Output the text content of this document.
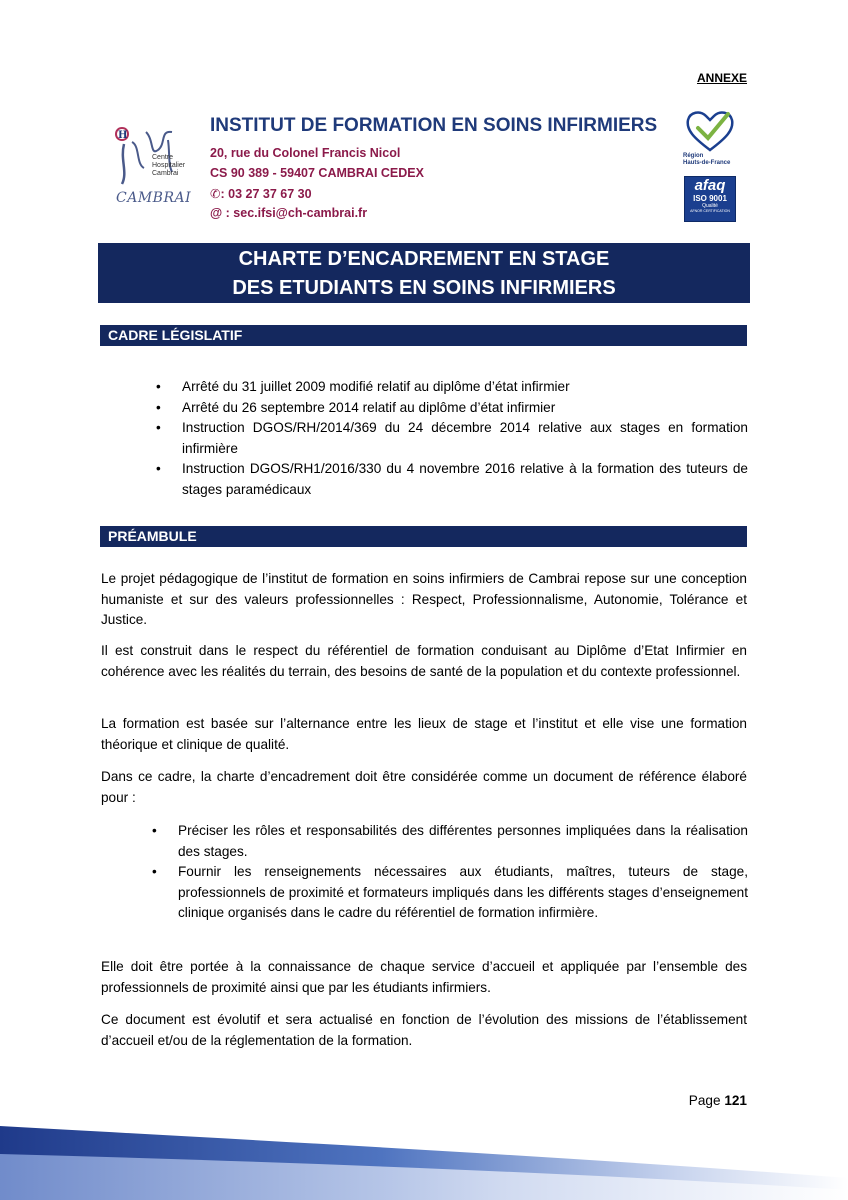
ANNEXE
H
Centre
Hospitalier
Cambrai
CAMBRAI
INSTITUT DE FORMATION EN SOINS INFIRMIERS
20, rue du Colonel Francis Nicol
CS 90 389 - 59407 CAMBRAI CEDEX
✆: 03 27 37 67 30
@ : sec.ifsi@ch-cambrai.fr
Région
Hauts-de-France
afaq
ISO 9001
Qualité
AFNOR CERTIFICATION
CHARTE D’ENCADREMENT EN STAGE
DES ETUDIANTS EN SOINS INFIRMIERS
CADRE LÉGISLATIF
• Arrêté du 31 juillet 2009 modifié relatif au diplôme d’état infirmier
• Arrêté du 26 septembre 2014 relatif au diplôme d’état infirmier
• Instruction DGOS/RH/2014/369 du 24 décembre 2014 relative aux stages en formation infirmière
• Instruction DGOS/RH1/2016/330 du 4 novembre 2016 relative à la formation des tuteurs de stages paramédicaux
PRÉAMBULE

Le projet pédagogique de l’institut de formation en soins infirmiers de Cambrai repose sur une conception humaniste et sur des valeurs professionnelles : Respect, Professionnalisme, Autonomie, Tolérance et Justice.

Il est construit dans le respect du référentiel de formation conduisant au Diplôme d’Etat Infirmier en cohérence avec les réalités du terrain, des besoins de santé de la population et du contexte professionnel.

La formation est basée sur l’alternance entre les lieux de stage et l’institut et elle vise une formation théorique et clinique de qualité.

Dans ce cadre, la charte d’encadrement doit être considérée comme un document de référence élaboré pour :

• Préciser les rôles et responsabilités des différentes personnes impliquées dans la réalisation des stages.
• Fournir les renseignements nécessaires aux étudiants, maîtres, tuteurs de stage, professionnels de proximité et formateurs impliqués dans les différents stages d’enseignement clinique organisés dans le cadre du référentiel de formation infirmière.

Elle doit être portée à la connaissance de chaque service d’accueil et appliquée par l’ensemble des professionnels de proximité ainsi que par les étudiants infirmiers.

Ce document est évolutif et sera actualisé en fonction de l’évolution des missions de l’établissement d’accueil et/ou de la réglementation de la formation.

Page 121
